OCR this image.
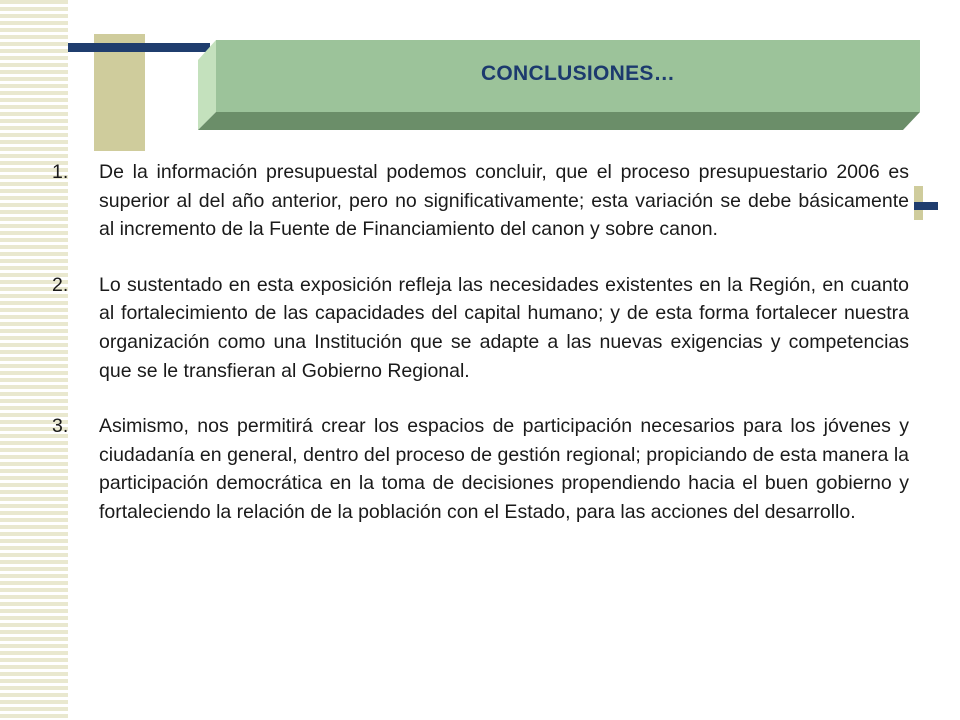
CONCLUSIONES…
1.	De la información presupuestal podemos concluir, que el proceso presupuestario 2006 es superior al del año anterior, pero no significativamente; esta variación se debe básicamente al incremento de la Fuente de Financiamiento del canon y sobre canon.
2.	Lo sustentado en esta exposición refleja las necesidades existentes en la Región, en cuanto al fortalecimiento de las capacidades del capital humano; y de esta forma fortalecer nuestra organización como una Institución que se adapte a las nuevas exigencias y competencias que se le transfieran al Gobierno Regional.
3.	Asimismo, nos permitirá crear los espacios de participación necesarios para los jóvenes y ciudadanía en general, dentro del proceso de gestión regional; propiciando de esta manera la participación democrática en la toma de decisiones propendiendo hacia el buen gobierno y fortaleciendo la relación de la población con el Estado, para las acciones del desarrollo.
